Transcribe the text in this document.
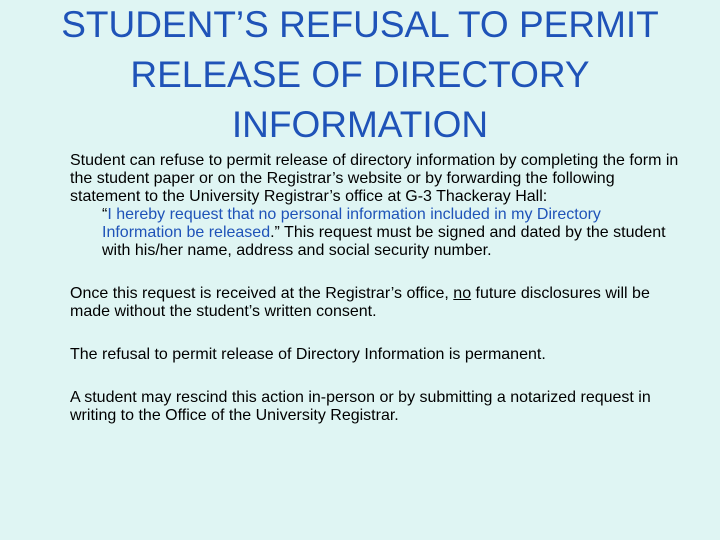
STUDENT’S REFUSAL TO PERMIT RELEASE OF DIRECTORY INFORMATION

Student can refuse to permit release of directory information by completing the form in the student paper or on the Registrar’s website or by forwarding the following statement to the University Registrar’s office at G-3 Thackeray Hall:

“I hereby request that no personal information included in my Directory Information be released.” This request must be signed and dated by the student with his/her name, address and social security number.

Once this request is received at the Registrar’s office, no future disclosures will be made without the student’s written consent.

The refusal to permit release of Directory Information is permanent.

A student may rescind this action in-person or by submitting a notarized request in writing to the Office of the University Registrar.
